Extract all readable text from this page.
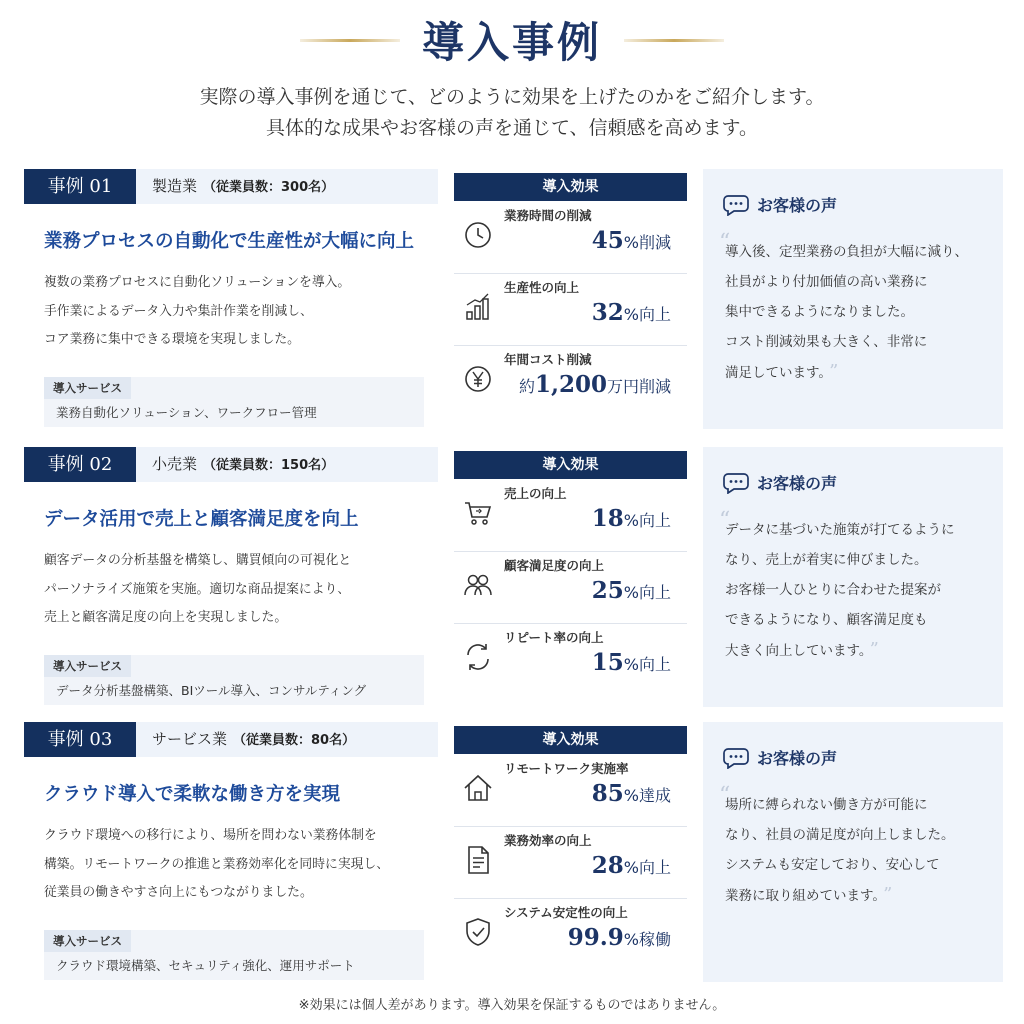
導入事例
実際の導入事例を通じて、どのように効果を上げたのかをご紹介します。
具体的な成果やお客様の声を通じて、信頼感を高めます。
事例 01	製造業 （従業員数：300名）
業務プロセスの自動化で生産性が大幅に向上
複数の業務プロセスに自動化ソリューションを導入。
手作業によるデータ入力や集計作業を削減し、
コア業務に集中できる環境を実現しました。
導入サービス
業務自動化ソリューション、ワークフロー管理
導入効果
業務時間の削減
45%削減
生産性の向上
32%向上
年間コスト削減
約1,200万円削減
お客様の声
“
導入後、定型業務の負担が大幅に減り、
社員がより付加価値の高い業務に
集中できるようになりました。
コスト削減効果も大きく、非常に
満足しています。 ”
事例 02	小売業 （従業員数：150名）
データ活用で売上と顧客満足度を向上
顧客データの分析基盤を構築し、購買傾向の可視化と
パーソナライズ施策を実施。適切な商品提案により、
売上と顧客満足度の向上を実現しました。
導入サービス
データ分析基盤構築、BIツール導入、コンサルティング
導入効果
売上の向上
18%向上
顧客満足度の向上
25%向上
リピート率の向上
15%向上
お客様の声
“
データに基づいた施策が打てるように
なり、売上が着実に伸びました。
お客様一人ひとりに合わせた提案が
できるようになり、顧客満足度も
大きく向上しています。 ”
事例 03	サービス業 （従業員数：80名）
クラウド導入で柔軟な働き方を実現
クラウド環境への移行により、場所を問わない業務体制を
構築。リモートワークの推進と業務効率化を同時に実現し、
従業員の働きやすさ向上にもつながりました。
導入サービス
クラウド環境構築、セキュリティ強化、運用サポート
導入効果
リモートワーク実施率
85%達成
業務効率の向上
28%向上
システム安定性の向上
99.9%稼働
お客様の声
“
場所に縛られない働き方が可能に
なり、社員の満足度が向上しました。
システムも安定しており、安心して
業務に取り組めています。 ”
※効果には個人差があります。導入効果を保証するものではありません。
